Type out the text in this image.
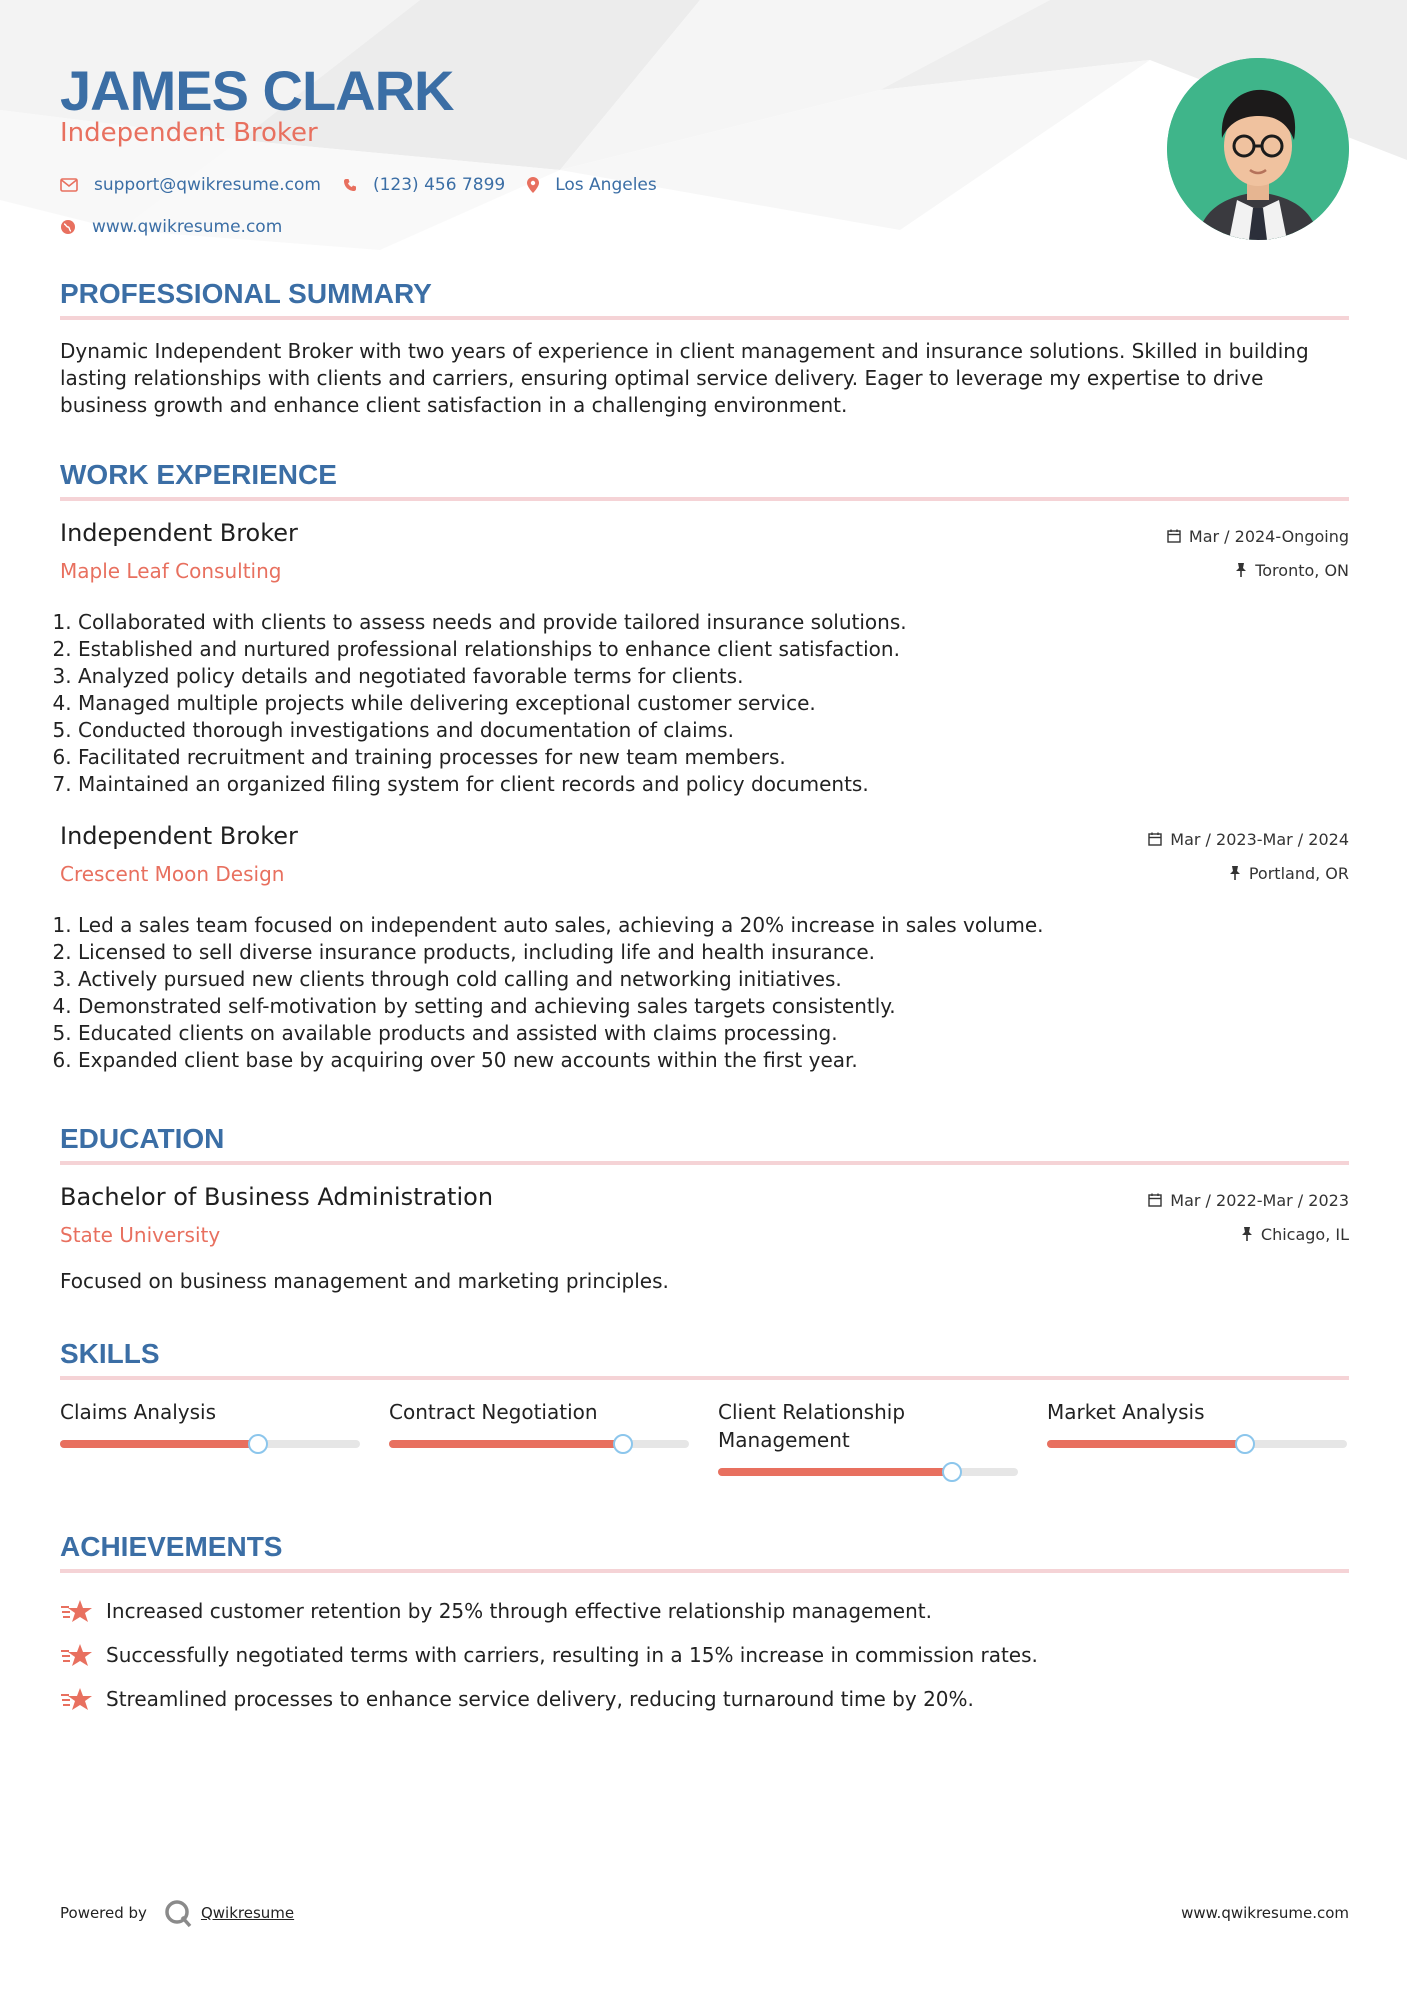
JAMES CLARK
Independent Broker
support@qwikresume.com	(123) 456 7899	Los Angeles
www.qwikresume.com
PROFESSIONAL SUMMARY

Dynamic Independent Broker with two years of experience in client management and insurance solutions. Skilled in building lasting relationships with clients and carriers, ensuring optimal service delivery. Eager to leverage my expertise to drive business growth and enhance client satisfaction in a challenging environment.

WORK EXPERIENCE
Independent Broker
Maple Leaf Consulting
Mar / 2024-Ongoing
Toronto, ON
1. Collaborated with clients to assess needs and provide tailored insurance solutions.
2. Established and nurtured professional relationships to enhance client satisfaction.
3. Analyzed policy details and negotiated favorable terms for clients.
4. Managed multiple projects while delivering exceptional customer service.
5. Conducted thorough investigations and documentation of claims.
6. Facilitated recruitment and training processes for new team members.
7. Maintained an organized filing system for client records and policy documents.
Independent Broker
Crescent Moon Design
Mar / 2023-Mar / 2024
Portland, OR
1. Led a sales team focused on independent auto sales, achieving a 20% increase in sales volume.
2. Licensed to sell diverse insurance products, including life and health insurance.
3. Actively pursued new clients through cold calling and networking initiatives.
4. Demonstrated self-motivation by setting and achieving sales targets consistently.
5. Educated clients on available products and assisted with claims processing.
6. Expanded client base by acquiring over 50 new accounts within the first year.
EDUCATION
Bachelor of Business Administration
State University
Mar / 2022-Mar / 2023
Chicago, IL
Focused on business management and marketing principles.
SKILLS
Claims Analysis	Contract Negotiation	Client Relationship Management
Market Analysis
ACHIEVEMENTS
Increased customer retention by 25% through effective relationship management.
Successfully negotiated terms with carriers, resulting in a 15% increase in commission rates.
Streamlined processes to enhance service delivery, reducing turnaround time by 20%.
Powered by	Qwikresume	www.qwikresume.com
